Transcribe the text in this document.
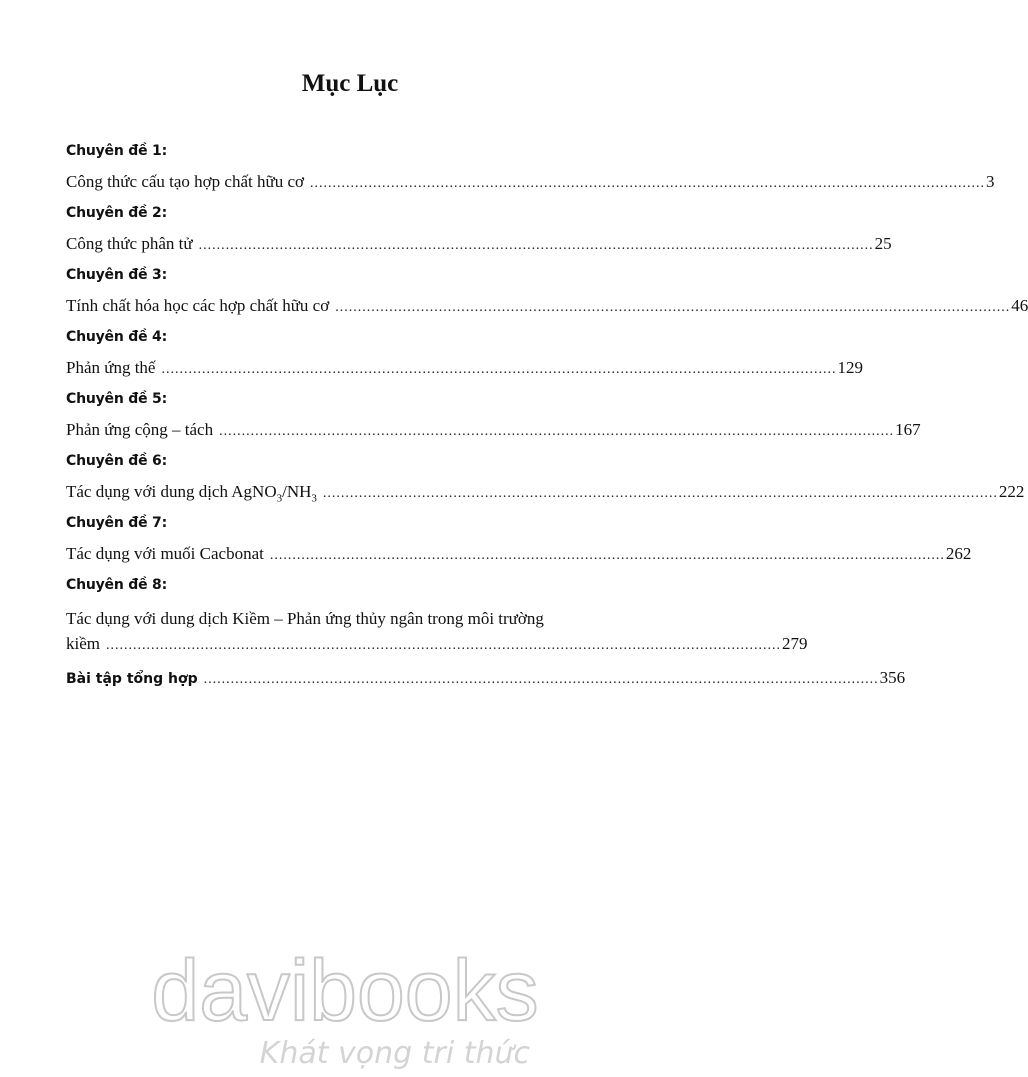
Mục Lục
Chuyên đề 1:
Công thức cấu tạo hợp chất hữu cơ ...................................................................................................................................................... 3
Chuyên đề 2:
Công thức phân tử ...................................................................................................................................................... 25
Chuyên đề 3:
Tính chất hóa học các hợp chất hữu cơ ...................................................................................................................................................... 46
Chuyên đề 4:
Phản ứng thế ...................................................................................................................................................... 129
Chuyên đề 5:
Phản ứng cộng – tách ...................................................................................................................................................... 167
Chuyên đề 6:
Tác dụng với dung dịch $AgNO_3/NH_3$ ...................................................................................................................................................... 222
Chuyên đề 7:
Tác dụng với muối Cacbonat ...................................................................................................................................................... 262
Chuyên đề 8:
Tác dụng với dung dịch Kiềm – Phản ứng thủy ngân trong môi trường
kiềm ...................................................................................................................................................... 279
Bài tập tổng hợp ...................................................................................................................................................... 356
davibooks
Khát vọng tri thức
